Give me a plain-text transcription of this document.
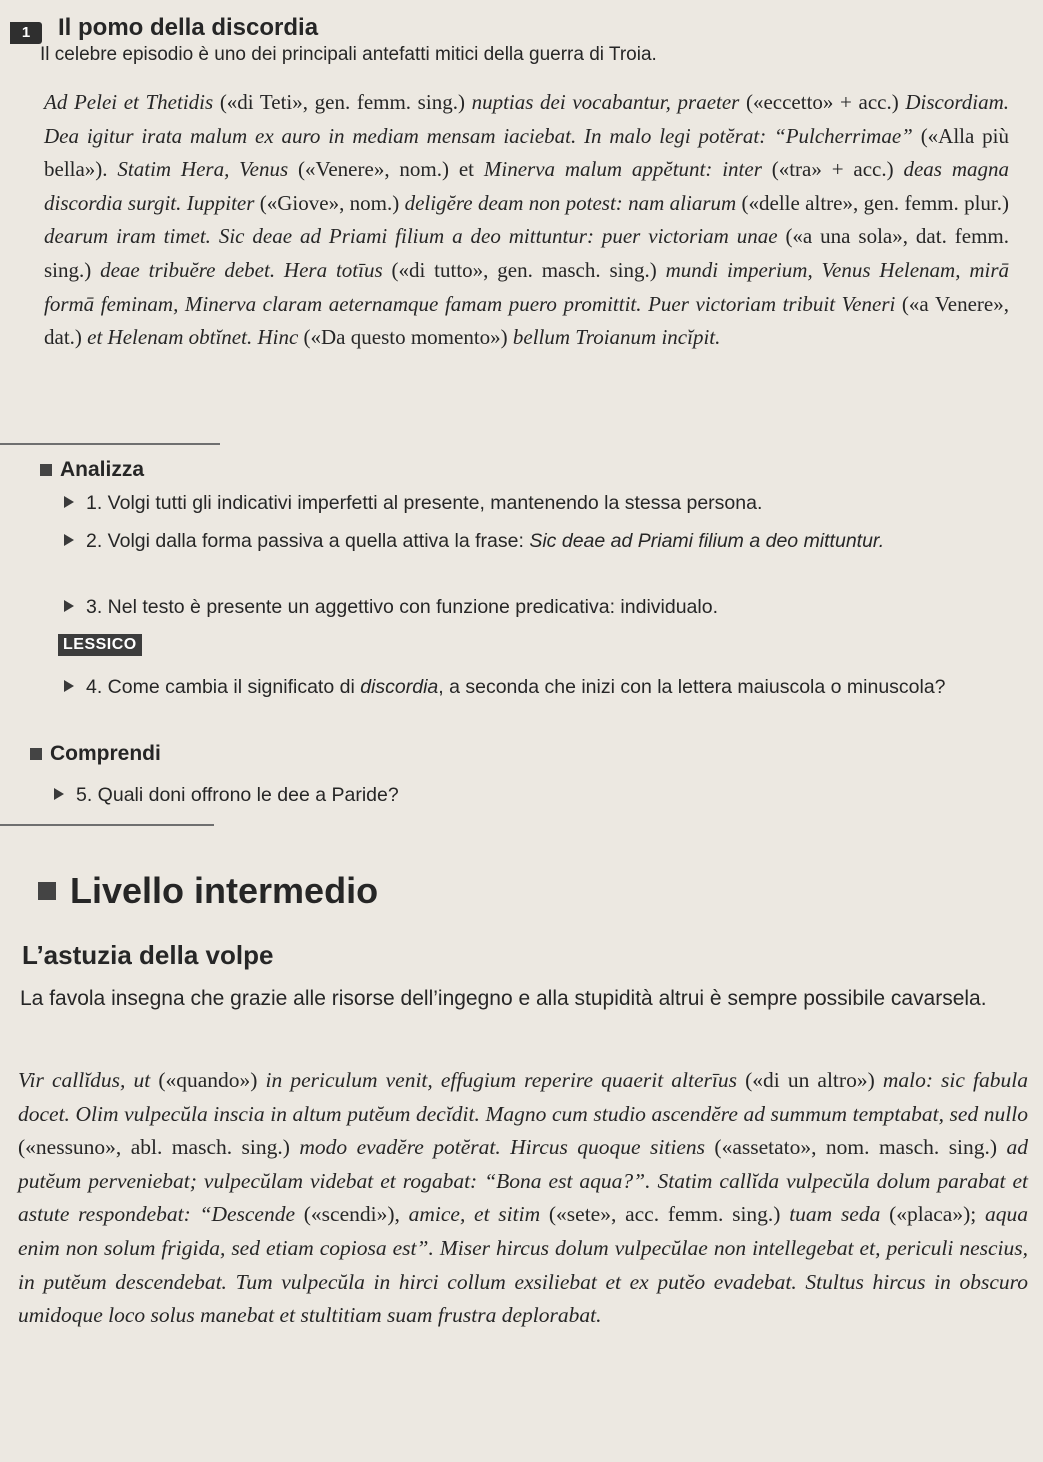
1	Il pomo della discordia
Il celebre episodio è uno dei principali antefatti mitici della guerra di Troia.

Ad Pelei et Thetidis («di Teti», gen. femm. sing.) nuptias dei vocabantur, praeter («eccetto» + acc.) Discordiam. Dea igitur irata malum ex auro in mediam mensam iaciebat. In malo legi potĕrat: “Pulcherrimae” («Alla più bella»). Statim Hera, Venus («Venere», nom.) et Minerva malum appĕtunt: inter («tra» + acc.) deas magna discordia surgit. Iuppiter («Giove», nom.) deligĕre deam non potest: nam aliarum («delle altre», gen. femm. plur.) dearum iram timet. Sic deae ad Priami filium a deo mittuntur: puer victoriam unae («a una sola», dat. femm. sing.) deae tribuĕre debet. Hera totīus («di tutto», gen. masch. sing.) mundi imperium, Venus Helenam, mirā formā feminam, Minerva claram aeternamque famam puero promittit. Puer victoriam tribuit Veneri («a Venere», dat.) et Helenam obtĭnet. Hinc («Da questo momento») bellum Troianum incĭpit.

Analizza
1. Volgi tutti gli indicativi imperfetti al presente, mantenendo la stessa persona.
2. Volgi dalla forma passiva a quella attiva la frase: Sic deae ad Priami filium a deo mittuntur.
3. Nel testo è presente un aggettivo con funzione predicativa: individualo.
LESSICO
4. Come cambia il significato di discordia, a seconda che inizi con la lettera maiuscola o minuscola?
Comprendi
5. Quali doni offrono le dee a Paride?
Livello intermedio
L’astuzia della volpe
La favola insegna che grazie alle risorse dell’ingegno e alla stupidità altrui è sempre possibile cavarsela.
Vir callĭdus, ut («quando») in periculum venit, effugium reperire quaerit alterīus («di un altro») malo: sic fabula docet. Olim vulpecŭla inscia in altum putĕum decĭdit. Magno cum studio ascendĕre ad summum temptabat, sed nullo («nessuno», abl. masch. sing.) modo evadĕre potĕrat. Hircus quoque sitiens («assetato», nom. masch. sing.) ad putĕum perveniebat; vulpecŭlam videbat et rogabat: “Bona est aqua?”. Statim callĭda vulpecŭla dolum parabat et astute respondebat: “Descende («scendi»), amice, et sitim («sete», acc. femm. sing.) tuam seda («placa»); aqua enim non solum frigida, sed etiam copiosa est”. Miser hircus dolum vulpecŭlae non intellegebat et, periculi nescius, in putĕum descendebat. Tum vulpecŭla in hirci collum exsiliebat et ex putĕo evadebat. Stultus hircus in obscuro umidoque loco solus manebat et stultitiam suam frustra deplorabat.
